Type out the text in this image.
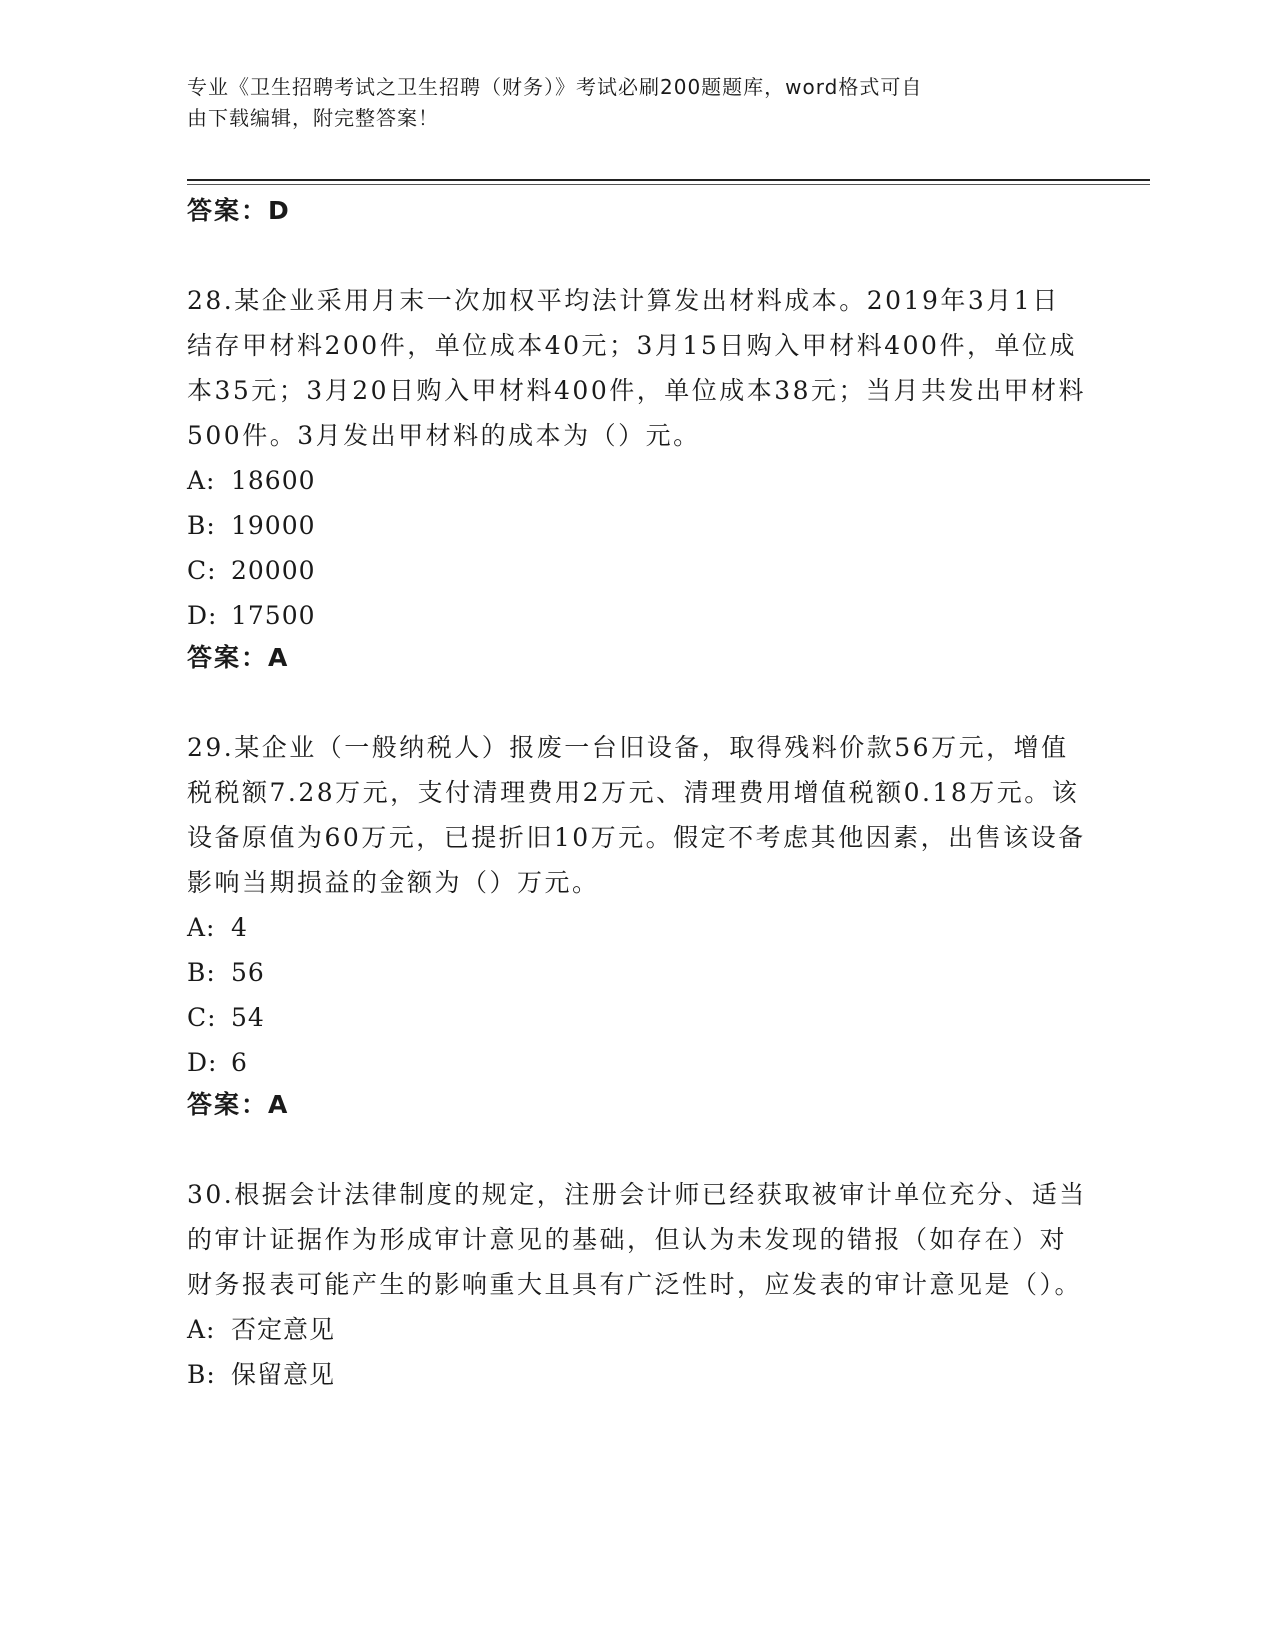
专业《卫生招聘考试之卫生招聘（财务）》考试必刷200题题库，word格式可自
由下载编辑，附完整答案！
答案：D
28.某企业采用月末一次加权平均法计算发出材料成本。2019年3月1日结存甲材料200件，单位成本40元；3月15日购入甲材料400件，单位成本35元；3月20日购入甲材料400件，单位成本38元；当月共发出甲材料500件。3月发出甲材料的成本为（）元。
A: 18600
B: 19000
C: 20000
D: 17500
答案：A
29.某企业（一般纳税人）报废一台旧设备，取得残料价款56万元，增值税税额7.28万元，支付清理费用2万元、清理费用增值税额0.18万元。该设备原值为60万元，已提折旧10万元。假定不考虑其他因素，出售该设备影响当期损益的金额为（）万元。
A: 4
B: 56
C: 54
D: 6
答案：A
30.根据会计法律制度的规定，注册会计师已经获取被审计单位充分、适当的审计证据作为形成审计意见的基础，但认为未发现的错报（如存在）对财务报表可能产生的影响重大且具有广泛性时，应发表的审计意见是（）。
A: 否定意见
B: 保留意见
